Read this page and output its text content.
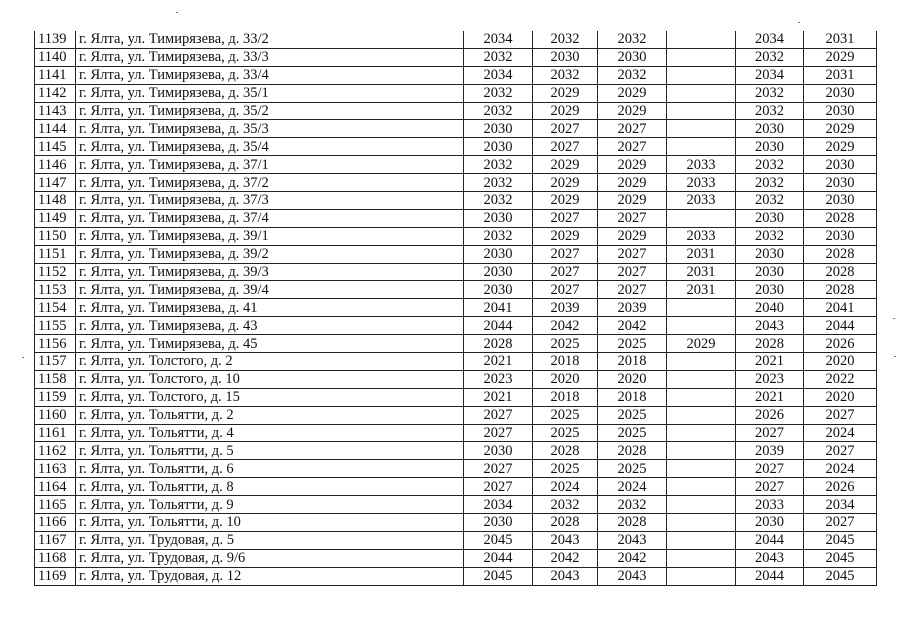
1139	г. Ялта, ул. Тимирязева, д. 33/2	2034	2032	2032		2034	2031
1140	г. Ялта, ул. Тимирязева, д. 33/3	2032	2030	2030		2032	2029
1141	г. Ялта, ул. Тимирязева, д. 33/4	2034	2032	2032		2034	2031
1142	г. Ялта, ул. Тимирязева, д. 35/1	2032	2029	2029		2032	2030
1143	г. Ялта, ул. Тимирязева, д. 35/2	2032	2029	2029		2032	2030
1144	г. Ялта, ул. Тимирязева, д. 35/3	2030	2027	2027		2030	2029
1145	г. Ялта, ул. Тимирязева, д. 35/4	2030	2027	2027		2030	2029
1146	г. Ялта, ул. Тимирязева, д. 37/1	2032	2029	2029	2033	2032	2030
1147	г. Ялта, ул. Тимирязева, д. 37/2	2032	2029	2029	2033	2032	2030
1148	г. Ялта, ул. Тимирязева, д. 37/3	2032	2029	2029	2033	2032	2030
1149	г. Ялта, ул. Тимирязева, д. 37/4	2030	2027	2027		2030	2028
1150	г. Ялта, ул. Тимирязева, д. 39/1	2032	2029	2029	2033	2032	2030
1151	г. Ялта, ул. Тимирязева, д. 39/2	2030	2027	2027	2031	2030	2028
1152	г. Ялта, ул. Тимирязева, д. 39/3	2030	2027	2027	2031	2030	2028
1153	г. Ялта, ул. Тимирязева, д. 39/4	2030	2027	2027	2031	2030	2028
1154	г. Ялта, ул. Тимирязева, д. 41	2041	2039	2039		2040	2041
1155	г. Ялта, ул. Тимирязева, д. 43	2044	2042	2042		2043	2044
1156	г. Ялта, ул. Тимирязева, д. 45	2028	2025	2025	2029	2028	2026
1157	г. Ялта, ул. Толстого, д. 2	2021	2018	2018		2021	2020
1158	г. Ялта, ул. Толстого, д. 10	2023	2020	2020		2023	2022
1159	г. Ялта, ул. Толстого, д. 15	2021	2018	2018		2021	2020
1160	г. Ялта, ул. Тольятти, д. 2	2027	2025	2025		2026	2027
1161	г. Ялта, ул. Тольятти, д. 4	2027	2025	2025		2027	2024
1162	г. Ялта, ул. Тольятти, д. 5	2030	2028	2028		2039	2027
1163	г. Ялта, ул. Тольятти, д. 6	2027	2025	2025		2027	2024
1164	г. Ялта, ул. Тольятти, д. 8	2027	2024	2024		2027	2026
1165	г. Ялта, ул. Тольятти, д. 9	2034	2032	2032		2033	2034
1166	г. Ялта, ул. Тольятти, д. 10	2030	2028	2028		2030	2027
1167	г. Ялта, ул. Трудовая, д. 5	2045	2043	2043		2044	2045
1168	г. Ялта, ул. Трудовая, д. 9/6	2044	2042	2042		2043	2045
1169	г. Ялта, ул. Трудовая, д. 12	2045	2043	2043		2044	2045
